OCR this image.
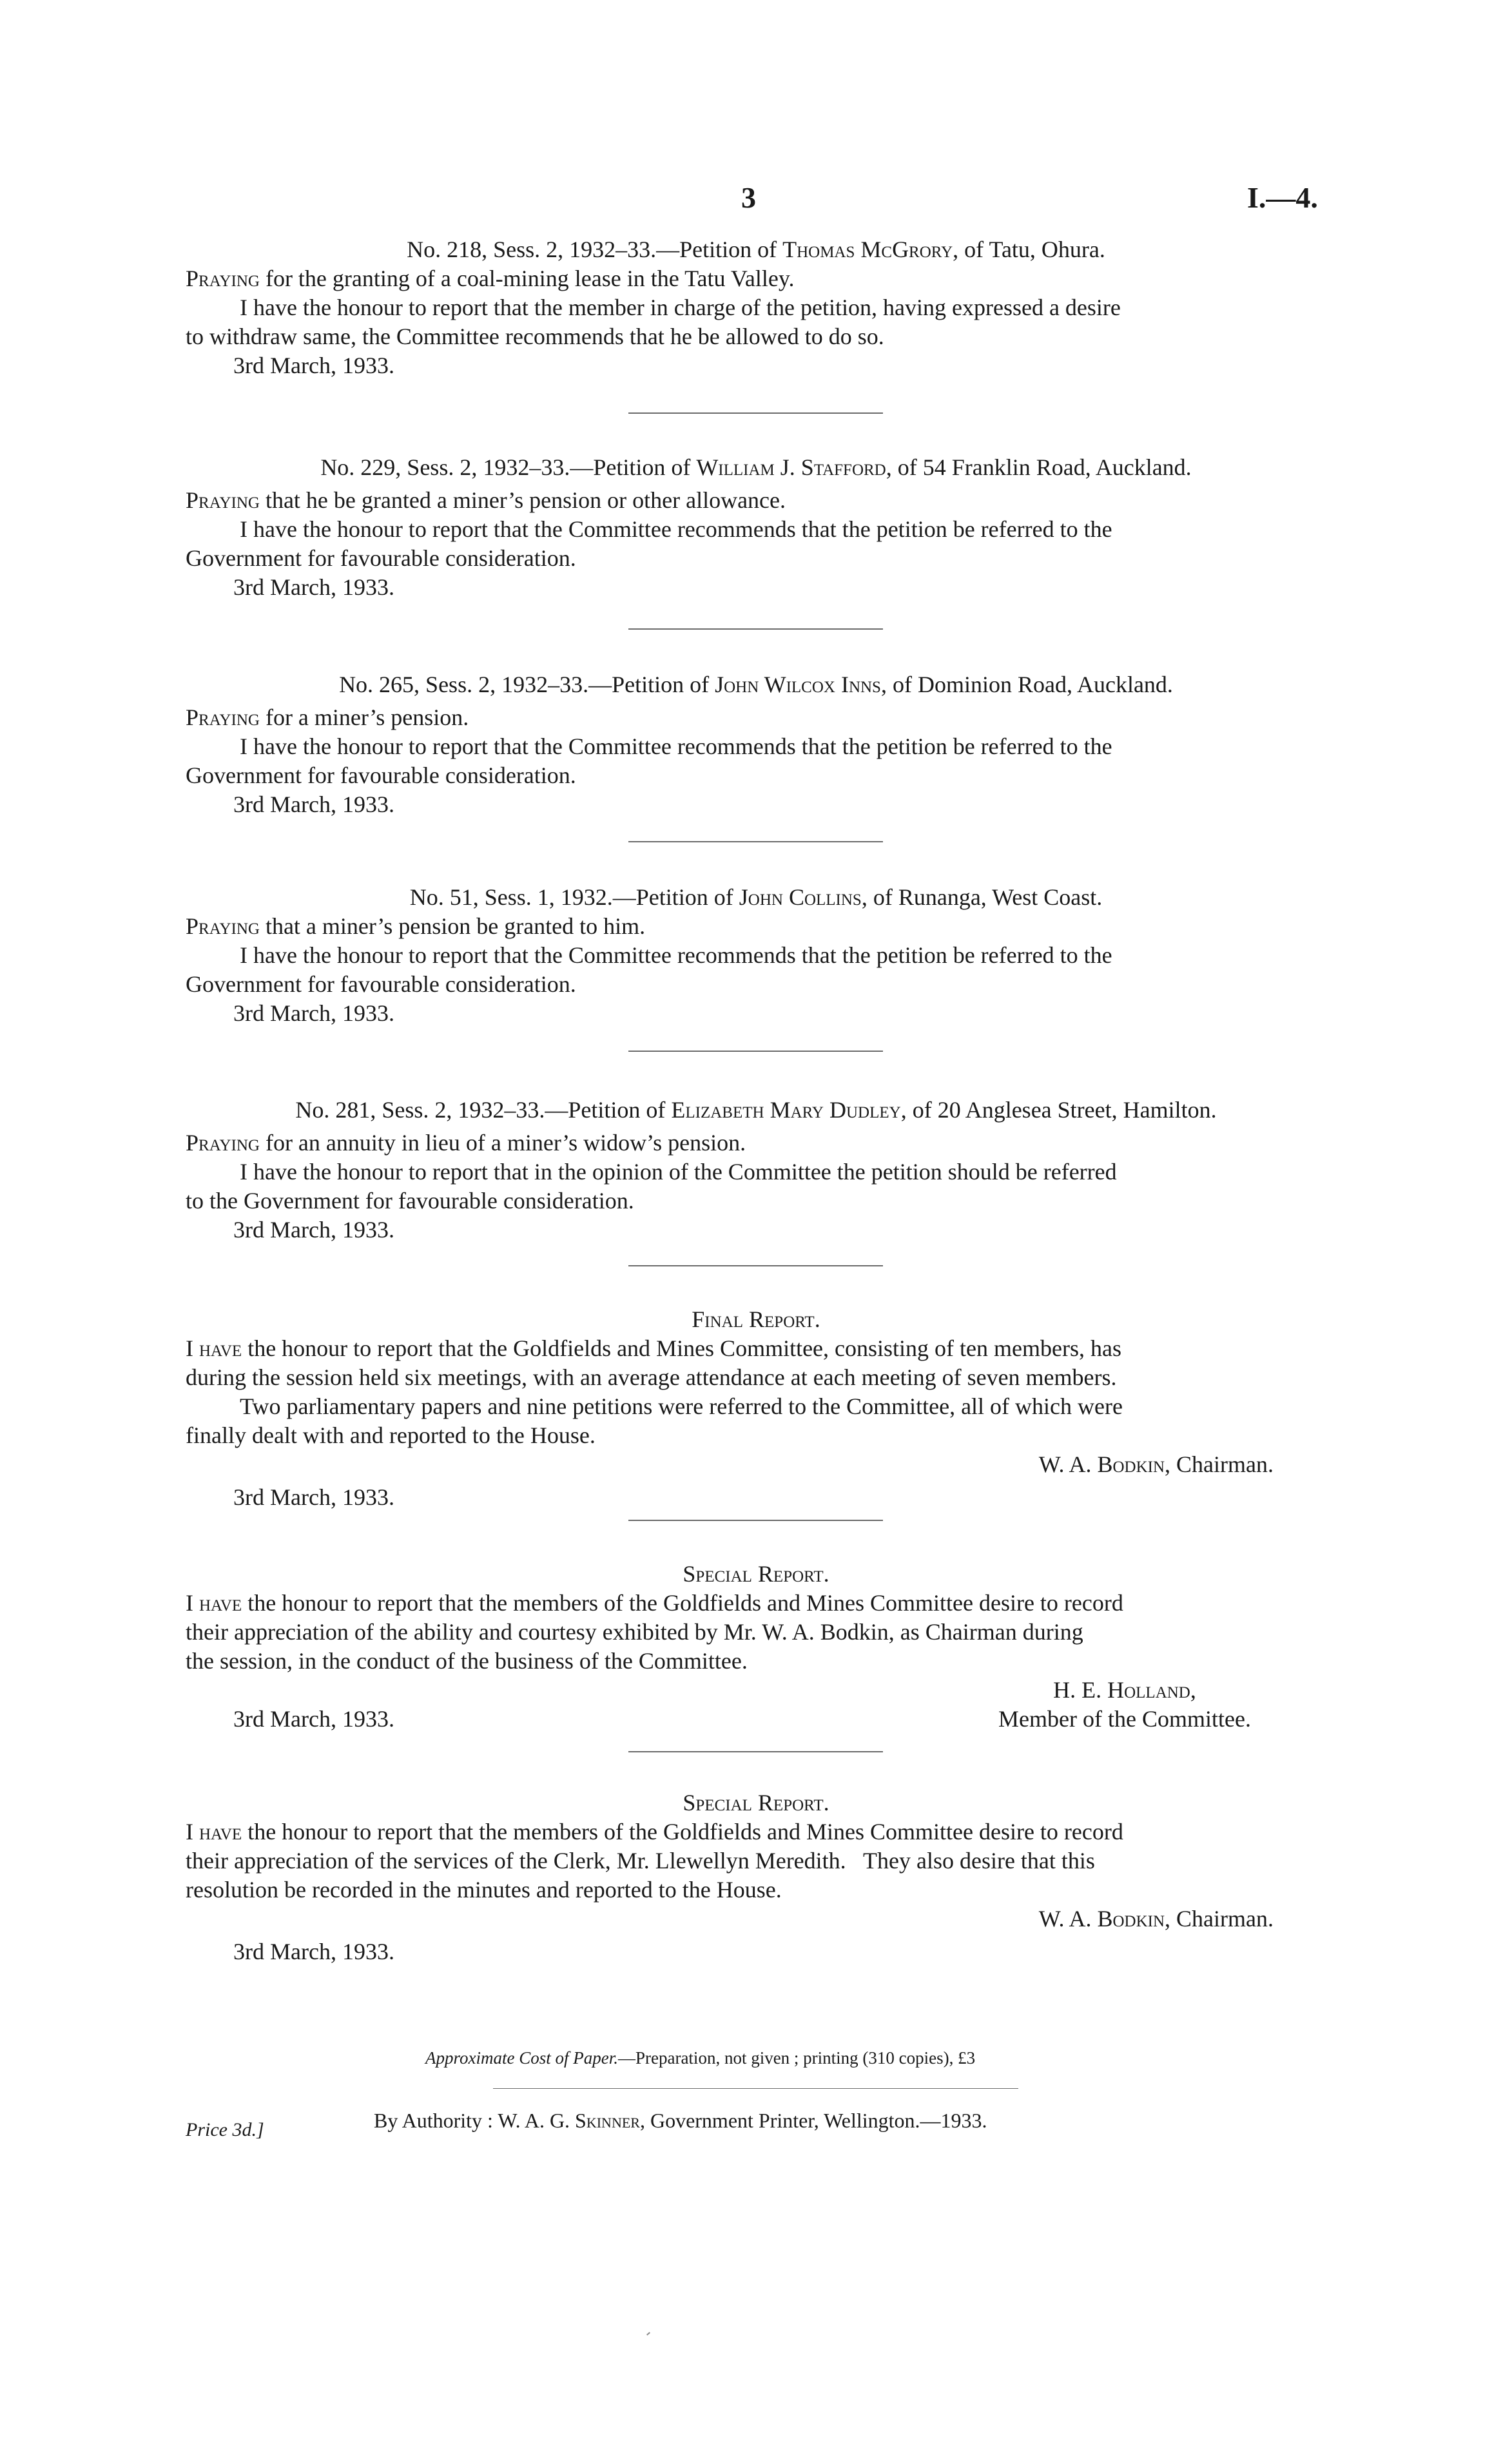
3	I.—4.

No. 218, Sess. 2, 1932–33.—Petition of Thomas McGrory, of Tatu, Ohura.

Praying for the granting of a coal-mining lease in the Tatu Valley.

I have the honour to report that the member in charge of the petition, having expressed a desire

to withdraw same, the Committee recommends that he be allowed to do so.

3rd March, 1933.

No. 229, Sess. 2, 1932–33.—Petition of William J. Stafford, of 54 Franklin Road, Auckland.

Praying that he be granted a miner’s pension or other allowance.

I have the honour to report that the Committee recommends that the petition be referred to the

Government for favourable consideration.

3rd March, 1933.

No. 265, Sess. 2, 1932–33.—Petition of John Wilcox Inns, of Dominion Road, Auckland.

Praying for a miner’s pension.

I have the honour to report that the Committee recommends that the petition be referred to the

Government for favourable consideration.

3rd March, 1933.

No. 51, Sess. 1, 1932.—Petition of John Collins, of Runanga, West Coast.

Praying that a miner’s pension be granted to him.

I have the honour to report that the Committee recommends that the petition be referred to the

Government for favourable consideration.

3rd March, 1933.

No. 281, Sess. 2, 1932–33.—Petition of Elizabeth Mary Dudley, of 20 Anglesea Street, Hamilton.

Praying for an annuity in lieu of a miner’s widow’s pension.

I have the honour to report that in the opinion of the Committee the petition should be referred

to the Government for favourable consideration.

3rd March, 1933.

Final Report.

I have the honour to report that the Goldfields and Mines Committee, consisting of ten members, has

during the session held six meetings, with an average attendance at each meeting of seven members.

Two parliamentary papers and nine petitions were referred to the Committee, all of which were

finally dealt with and reported to the House.

W. A. Bodkin, Chairman.

3rd March, 1933.

Special Report.

I have the honour to report that the members of the Goldfields and Mines Committee desire to record

their appreciation of the ability and courtesy exhibited by Mr. W. A. Bodkin, as Chairman during

the session, in the conduct of the business of the Committee.

H. E. Holland,
Member of the Committee.
3rd March, 1933.
Special Report.

I have the honour to report that the members of the Goldfields and Mines Committee desire to record

their appreciation of the services of the Clerk, Mr. Llewellyn Meredith.   They also desire that this

resolution be recorded in the minutes and reported to the House.

W. A. Bodkin, Chairman.

3rd March, 1933.

Approximate Cost of Paper.—Preparation, not given ; printing (310 copies), £3
By Authority : W. A. G. Skinner, Government Printer, Wellington.—1933.
Price 3d.]
